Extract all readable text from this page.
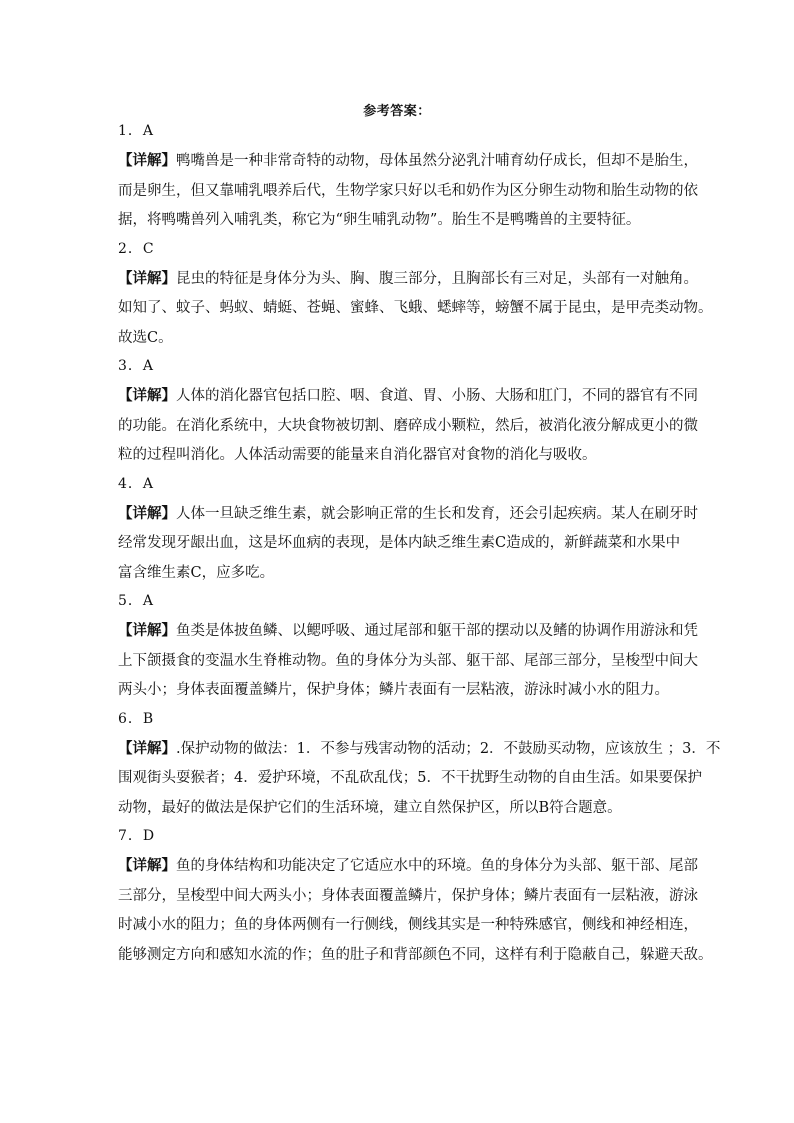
参考答案：
1．A
【详解】鸭嘴兽是一种非常奇特的动物，母体虽然分泌乳汁哺育幼仔成长，但却不是胎生，
而是卵生，但又靠哺乳喂养后代，生物学家只好以毛和奶作为区分卵生动物和胎生动物的依
据，将鸭嘴兽列入哺乳类，称它为“卵生哺乳动物”。胎生不是鸭嘴兽的主要特征。
2．C
【详解】昆虫的特征是身体分为头、胸、腹三部分，且胸部长有三对足，头部有一对触角。
如知了、蚊子、蚂蚁、蜻蜓、苍蝇、蜜蜂、飞蛾、蟋蟀等，螃蟹不属于昆虫，是甲壳类动物。
故选C。
3．A
【详解】人体的消化器官包括口腔、咽、食道、胃、小肠、大肠和肛门，不同的器官有不同
的功能。在消化系统中，大块食物被切割、磨碎成小颗粒，然后，被消化液分解成更小的微
粒的过程叫消化。人体活动需要的能量来自消化器官对食物的消化与吸收。
4．A
【详解】人体一旦缺乏维生素，就会影响正常的生长和发育，还会引起疾病。某人在刷牙时
经常发现牙龈出血，这是坏血病的表现，是体内缺乏维生素C造成的，新鲜蔬菜和水果中
富含维生素C，应多吃。
5．A
【详解】鱼类是体披鱼鳞、以鳃呼吸、通过尾部和躯干部的摆动以及鳍的协调作用游泳和凭
上下颌摄食的变温水生脊椎动物。鱼的身体分为头部、躯干部、尾部三部分，呈梭型中间大
两头小；身体表面覆盖鳞片，保护身体；鳞片表面有一层粘液，游泳时减小水的阻力。
6．B
【详解】.保护动物的做法：1．不参与残害动物的活动；2．不鼓励买动物，应该放生 ；3．不
围观街头耍猴者；4．爱护环境，不乱砍乱伐；5．不干扰野生动物的自由生活。如果要保护
动物，最好的做法是保护它们的生活环境，建立自然保护区，所以B符合题意。
7．D
【详解】鱼的身体结构和功能决定了它适应水中的环境。鱼的身体分为头部、躯干部、尾部
三部分，呈梭型中间大两头小；身体表面覆盖鳞片，保护身体；鳞片表面有一层粘液，游泳
时减小水的阻力；鱼的身体两侧有一行侧线，侧线其实是一种特殊感官，侧线和神经相连，
能够测定方向和感知水流的作；鱼的肚子和背部颜色不同，这样有利于隐蔽自己，躲避天敌。
